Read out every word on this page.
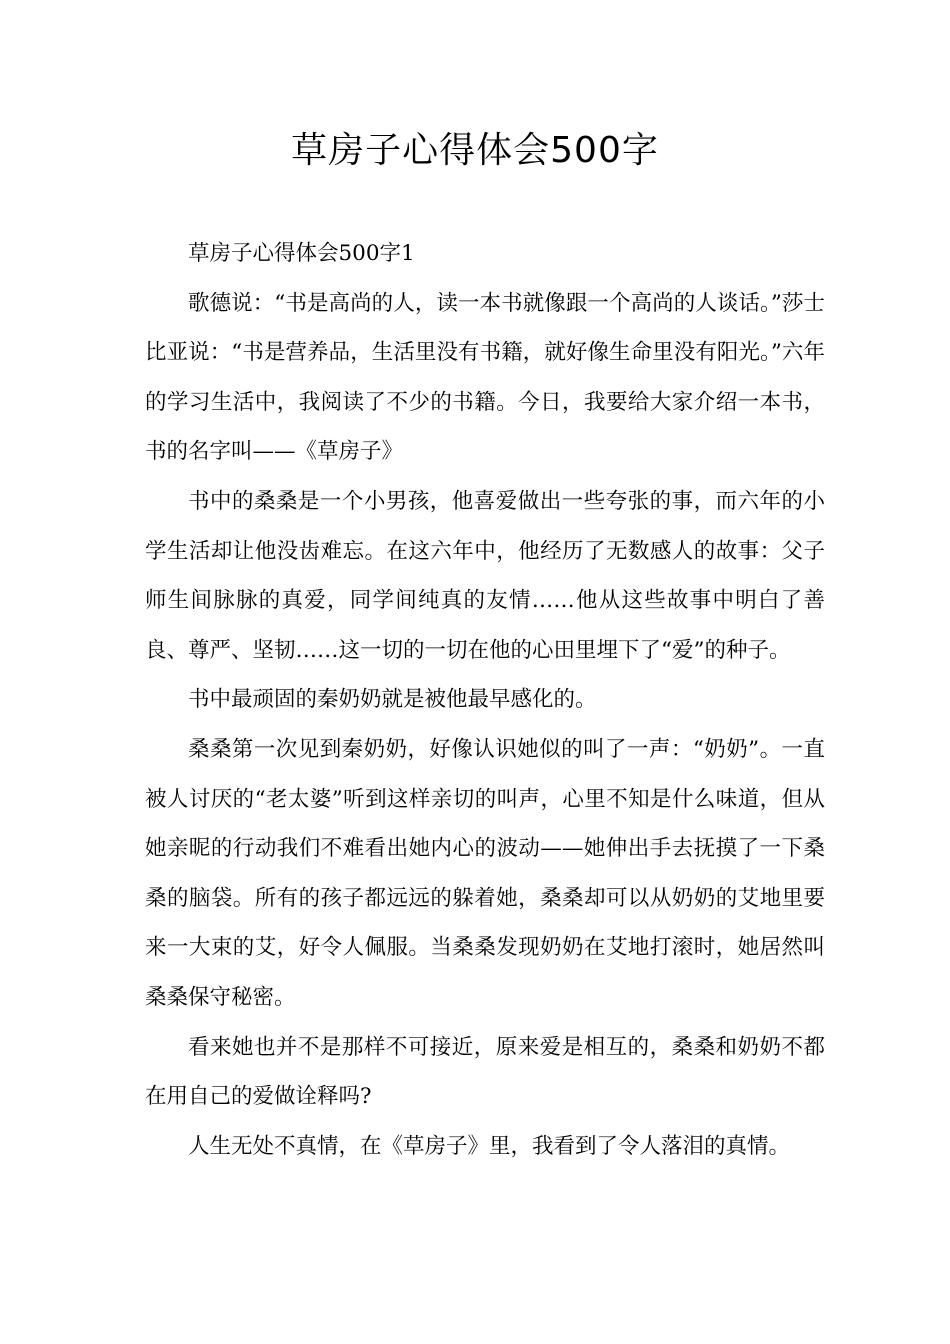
草房子心得体会500字

草房子心得体会500字1

歌德说：“书是高尚的人，读一本书就像跟一个高尚的人谈话。”莎士比亚说：“书是营养品，生活里没有书籍，就好像生命里没有阳光。”六年的学习生活中，我阅读了不少的书籍。今日，我要给大家介绍一本书，书的名字叫——《草房子》

书中的桑桑是一个小男孩，他喜爱做出一些夸张的事，而六年的小学生活却让他没齿难忘。在这六年中，他经历了无数感人的故事：父子师生间脉脉的真爱，同学间纯真的友情……他从这些故事中明白了善良、尊严、坚韧……这一切的一切在他的心田里埋下了“爱”的种子。

书中最顽固的秦奶奶就是被他最早感化的。

桑桑第一次见到秦奶奶，好像认识她似的叫了一声：“奶奶”。一直被人讨厌的“老太婆”听到这样亲切的叫声，心里不知是什么味道，但从她亲昵的行动我们不难看出她内心的波动——她伸出手去抚摸了一下桑桑的脑袋。所有的孩子都远远的躲着她，桑桑却可以从奶奶的艾地里要来一大束的艾，好令人佩服。当桑桑发现奶奶在艾地打滚时，她居然叫桑桑保守秘密。

看来她也并不是那样不可接近，原来爱是相互的，桑桑和奶奶不都在用自己的爱做诠释吗?

人生无处不真情，在《草房子》里，我看到了令人落泪的真情。
